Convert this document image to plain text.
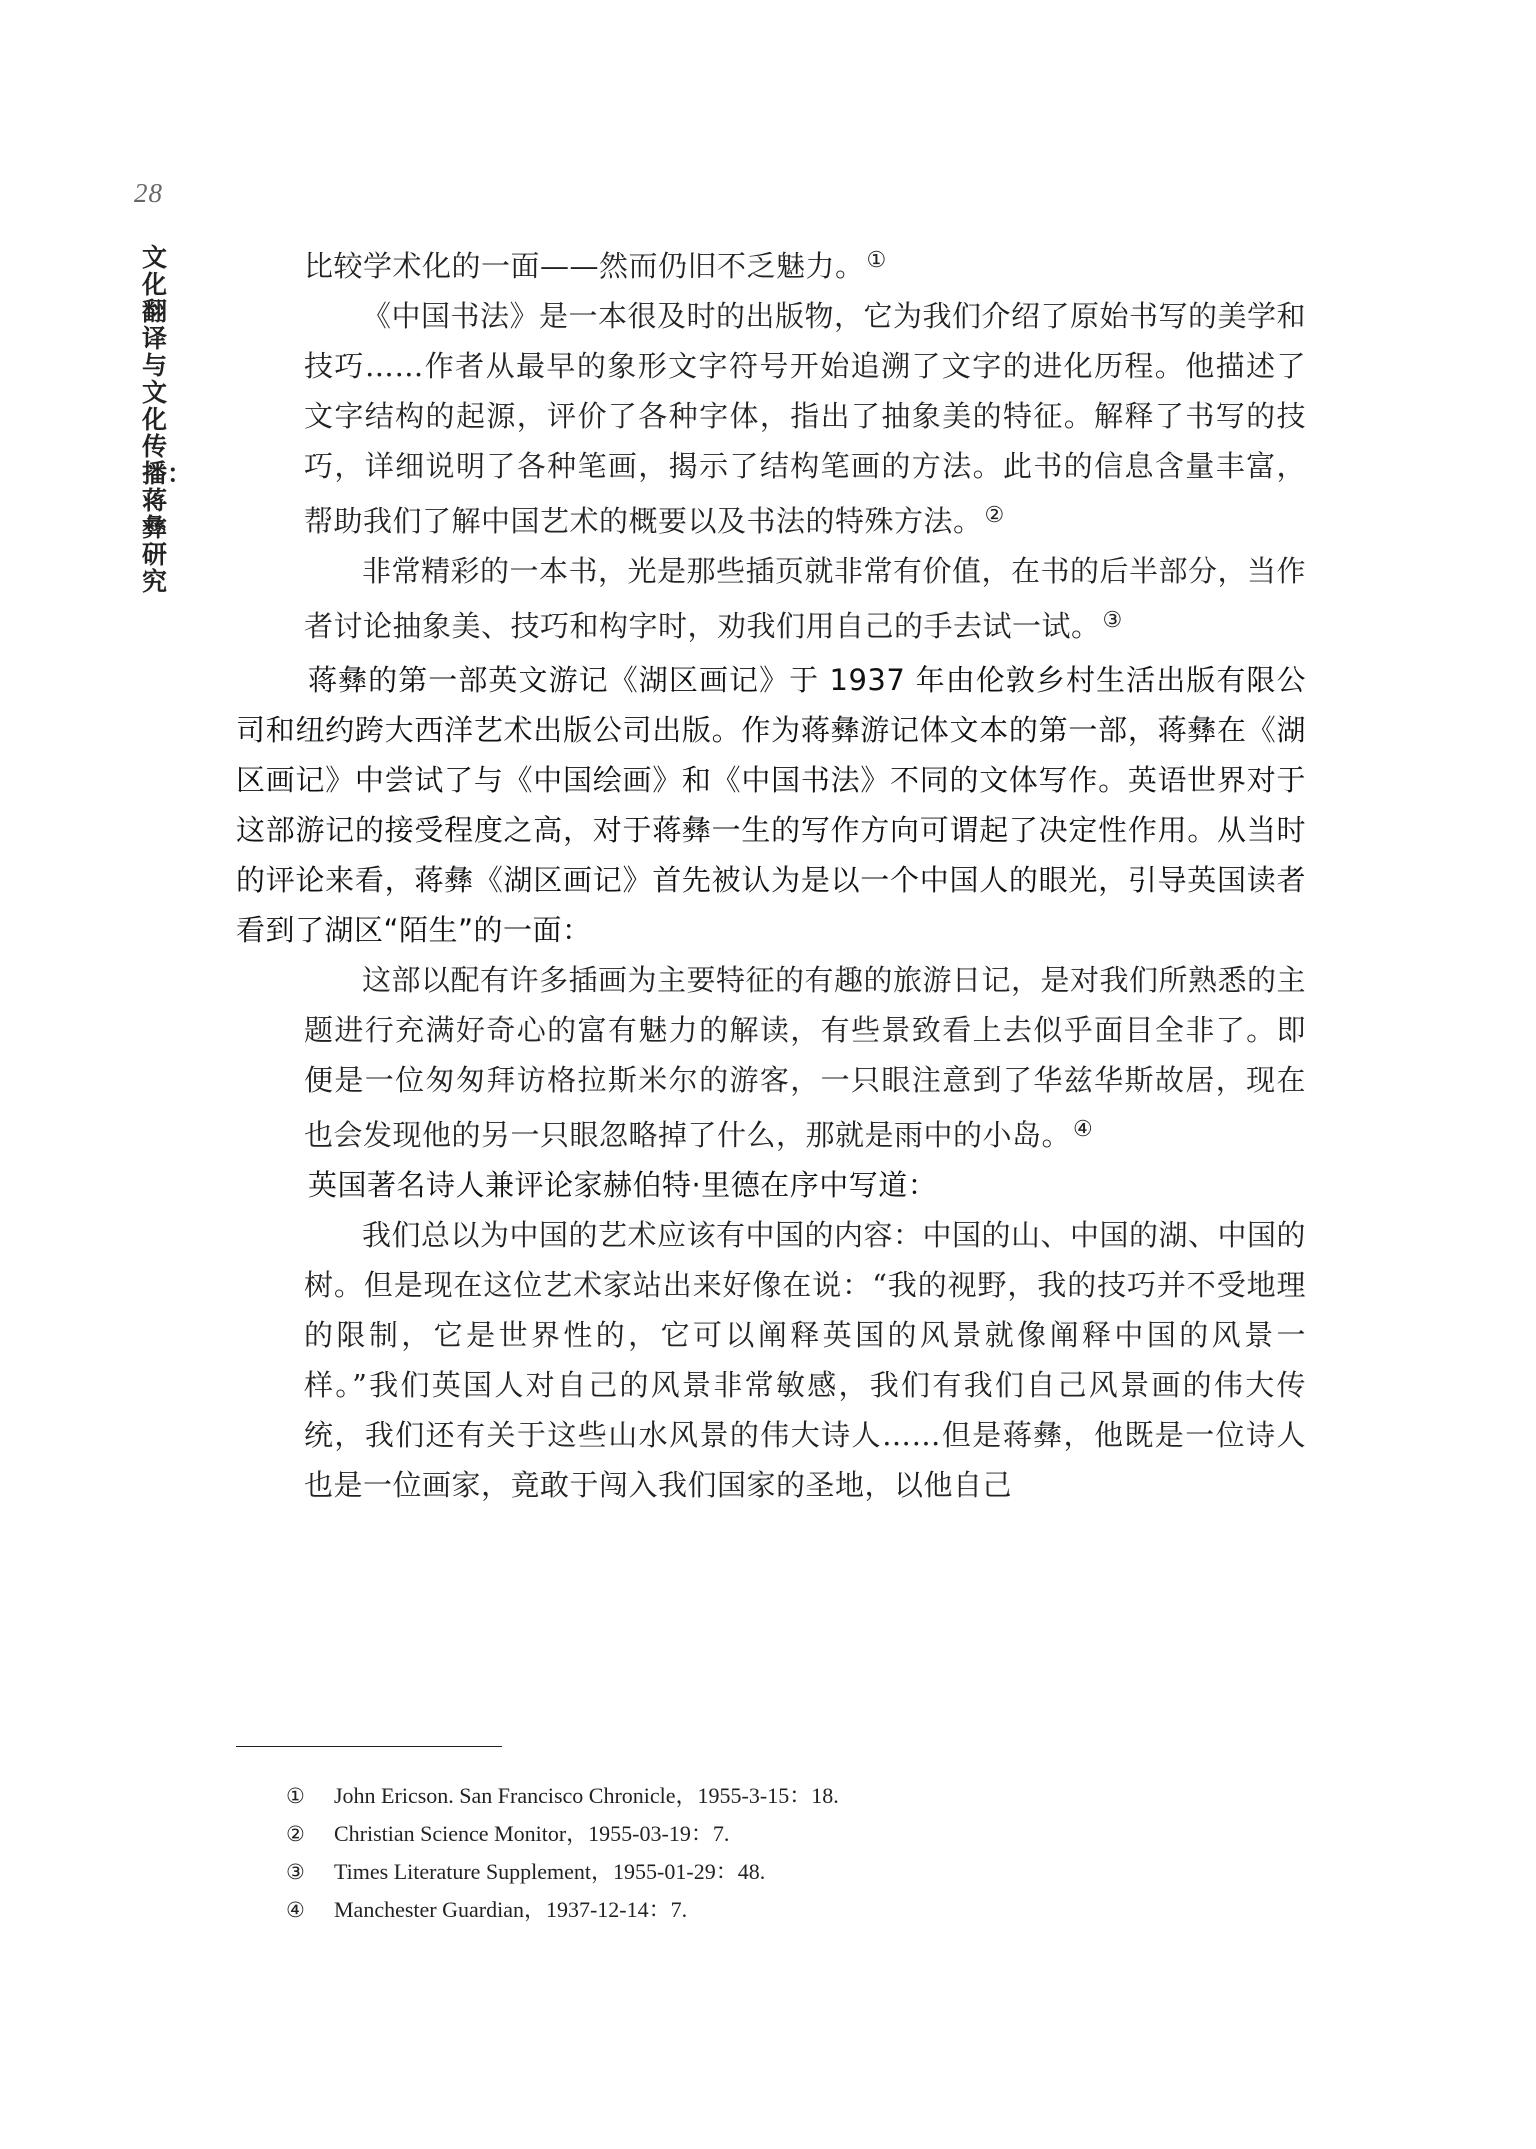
28
文化翻译与文化传播：蒋彝研究

比较学术化的一面——然而仍旧不乏魅力。①

《中国书法》是一本很及时的出版物，它为我们介绍了原始书写的美学和技巧……作者从最早的象形文字符号开始追溯了文字的进化历程。他描述了文字结构的起源，评价了各种字体，指出了抽象美的特征。解释了书写的技巧，详细说明了各种笔画，揭示了结构笔画的方法。此书的信息含量丰富，帮助我们了解中国艺术的概要以及书法的特殊方法。②

非常精彩的一本书，光是那些插页就非常有价值，在书的后半部分，当作者讨论抽象美、技巧和构字时，劝我们用自己的手去试一试。③

蒋彝的第一部英文游记《湖区画记》于 1937 年由伦敦乡村生活出版有限公司和纽约跨大西洋艺术出版公司出版。作为蒋彝游记体文本的第一部，蒋彝在《湖区画记》中尝试了与《中国绘画》和《中国书法》不同的文体写作。英语世界对于这部游记的接受程度之高，对于蒋彝一生的写作方向可谓起了决定性作用。从当时的评论来看，蒋彝《湖区画记》首先被认为是以一个中国人的眼光，引导英国读者看到了湖区“陌生”的一面：

这部以配有许多插画为主要特征的有趣的旅游日记，是对我们所熟悉的主题进行充满好奇心的富有魅力的解读，有些景致看上去似乎面目全非了。即便是一位匆匆拜访格拉斯米尔的游客，一只眼注意到了华兹华斯故居，现在也会发现他的另一只眼忽略掉了什么，那就是雨中的小岛。④

英国著名诗人兼评论家赫伯特·里德在序中写道：

我们总以为中国的艺术应该有中国的内容：中国的山、中国的湖、中国的树。但是现在这位艺术家站出来好像在说：“我的视野，我的技巧并不受地理的限制，它是世界性的，它可以阐释英国的风景就像阐释中国的风景一样。”我们英国人对自己的风景非常敏感，我们有我们自己风景画的伟大传统，我们还有关于这些山水风景的伟大诗人……但是蒋彝，他既是一位诗人也是一位画家，竟敢于闯入我们国家的圣地，以他自己

①	John Ericson. San Francisco Chronicle，1955-3-15：18.
②	Christian Science Monitor，1955-03-19：7.
③	Times Literature Supplement，1955-01-29：48.
④	Manchester Guardian，1937-12-14：7.
